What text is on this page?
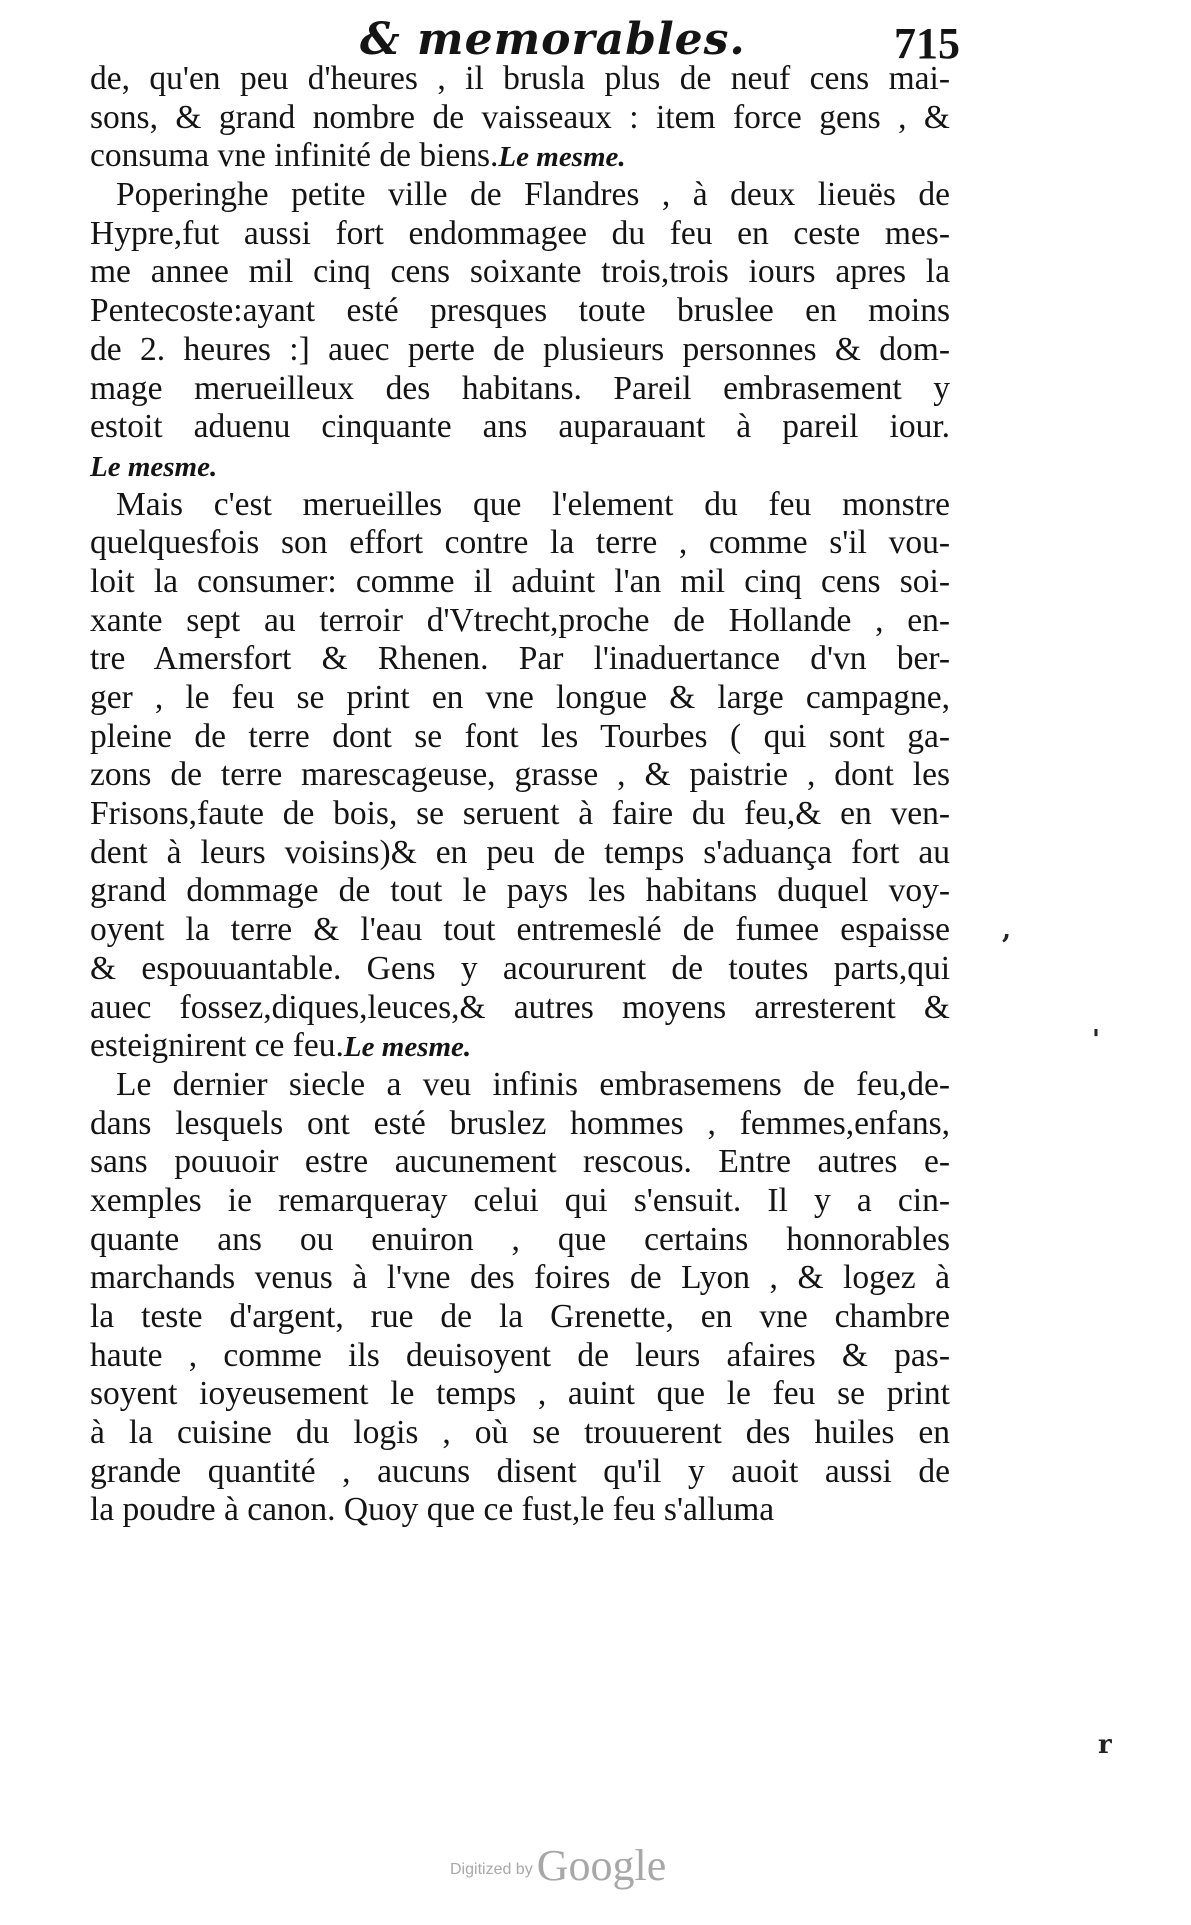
& memorables.	715
de, qu'en peu d'heures , il brusla plus de neuf cens mai-
sons, & grand nombre de vaisseaux : item force gens , &
consuma vne infinité de biens.Le mesme.
Poperinghe petite ville de Flandres , à deux lieuës de
Hypre,fut aussi fort endommagee du feu en ceste mes-
me annee mil cinq cens soixante trois,trois iours apres la
Pentecoste:ayant esté presques toute bruslee en moins
de 2. heures :] auec perte de plusieurs personnes & dom-
mage merueilleux des habitans. Pareil embrasement y
estoit aduenu cinquante ans auparauant à pareil iour.
Le mesme.
Mais c'est merueilles que l'element du feu monstre
quelquesfois son effort contre la terre , comme s'il vou-
loit la consumer: comme il aduint l'an mil cinq cens soi-
xante sept au terroir d'Vtrecht,proche de Hollande , en-
tre Amersfort & Rhenen. Par l'inaduertance d'vn ber-
ger , le feu se print en vne longue & large campagne,
pleine de terre dont se font les Tourbes ( qui sont ga-
zons de terre marescageuse, grasse , & paistrie , dont les
Frisons,faute de bois, se seruent à faire du feu,& en ven-
dent à leurs voisins)& en peu de temps s'aduança fort au
grand dommage de tout le pays les habitans duquel voy-
oyent la terre & l'eau tout entremeslé de fumee espaisse
& espouuantable. Gens y acoururent de toutes parts,qui
auec fossez,diques,leuces,& autres moyens arresterent &
esteignirent ce feu.Le mesme.
Le dernier siecle a veu infinis embrasemens de feu,de-
dans lesquels ont esté bruslez hommes , femmes,enfans,
sans pouuoir estre aucunement rescous. Entre autres e-
xemples ie remarqueray celui qui s'ensuit. Il y a cin-
quante ans ou enuiron , que certains honnorables
marchands venus à l'vne des foires de Lyon , & logez à
la teste d'argent, rue de la Grenette, en vne chambre
haute , comme ils deuisoyent de leurs afaires & pas-
soyent ioyeusement le temps , auint que le feu se print
à la cuisine du logis , où se trouuerent des huiles en
grande quantité , aucuns disent qu'il y auoit aussi de
la poudre à canon. Quoy que ce fust,le feu s'alluma
,
'
r
Digitized by Google
